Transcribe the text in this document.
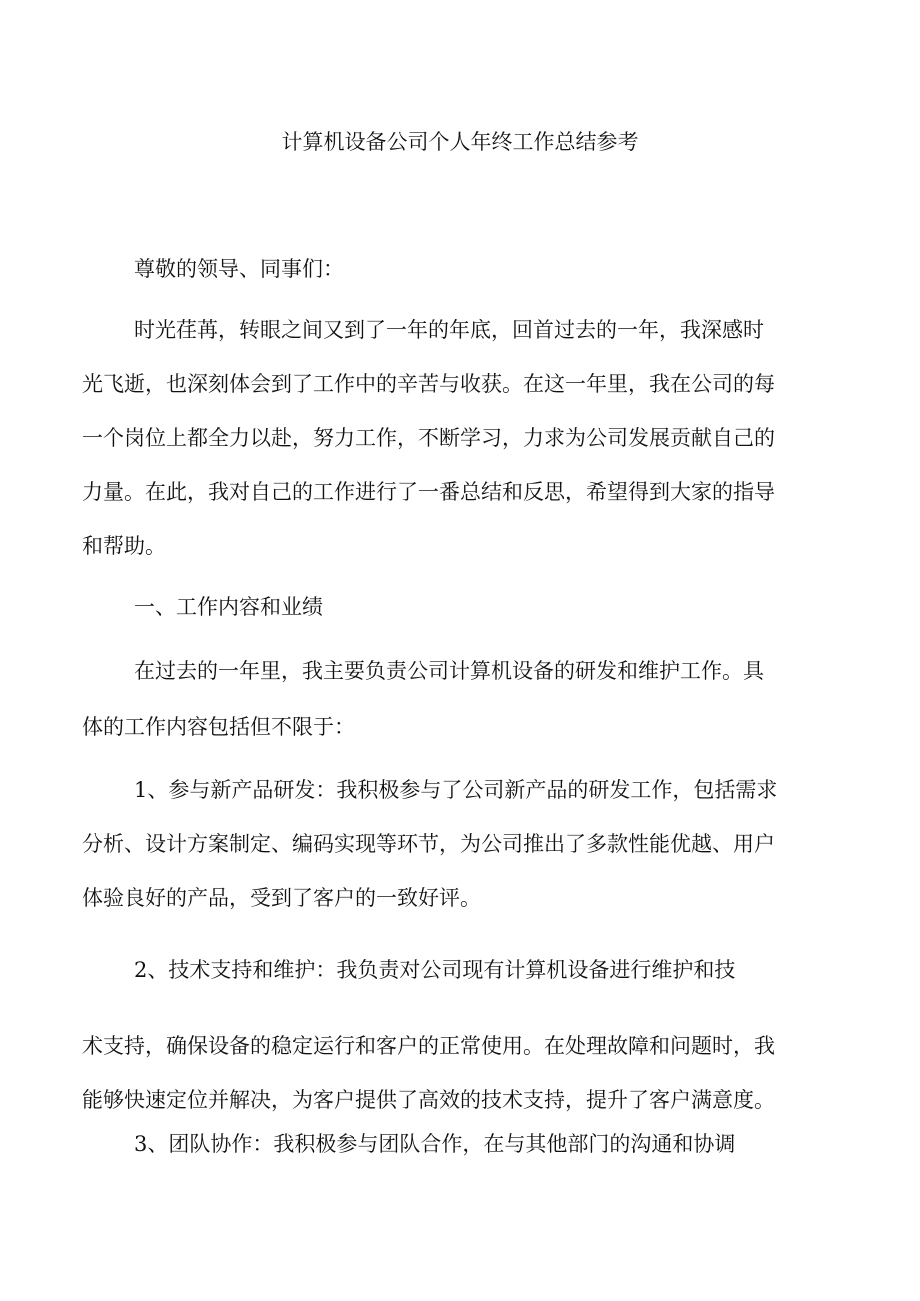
计算机设备公司个人年终工作总结参考
尊敬的领导、同事们：
时光荏苒，转眼之间又到了一年的年底，回首过去的一年，我深感时
光飞逝，也深刻体会到了工作中的辛苦与收获。在这一年里，我在公司的每
一个岗位上都全力以赴，努力工作，不断学习，力求为公司发展贡献自己的
力量。在此，我对自己的工作进行了一番总结和反思，希望得到大家的指导
和帮助。
一、工作内容和业绩
在过去的一年里，我主要负责公司计算机设备的研发和维护工作。具
体的工作内容包括但不限于：
1、参与新产品研发：我积极参与了公司新产品的研发工作，包括需求
分析、设计方案制定、编码实现等环节，为公司推出了多款性能优越、用户
体验良好的产品，受到了客户的一致好评。
2、技术支持和维护：我负责对公司现有计算机设备进行维护和技
术支持，确保设备的稳定运行和客户的正常使用。在处理故障和问题时，我
能够快速定位并解决，为客户提供了高效的技术支持，提升了客户满意度。
3、团队协作：我积极参与团队合作，在与其他部门的沟通和协调
